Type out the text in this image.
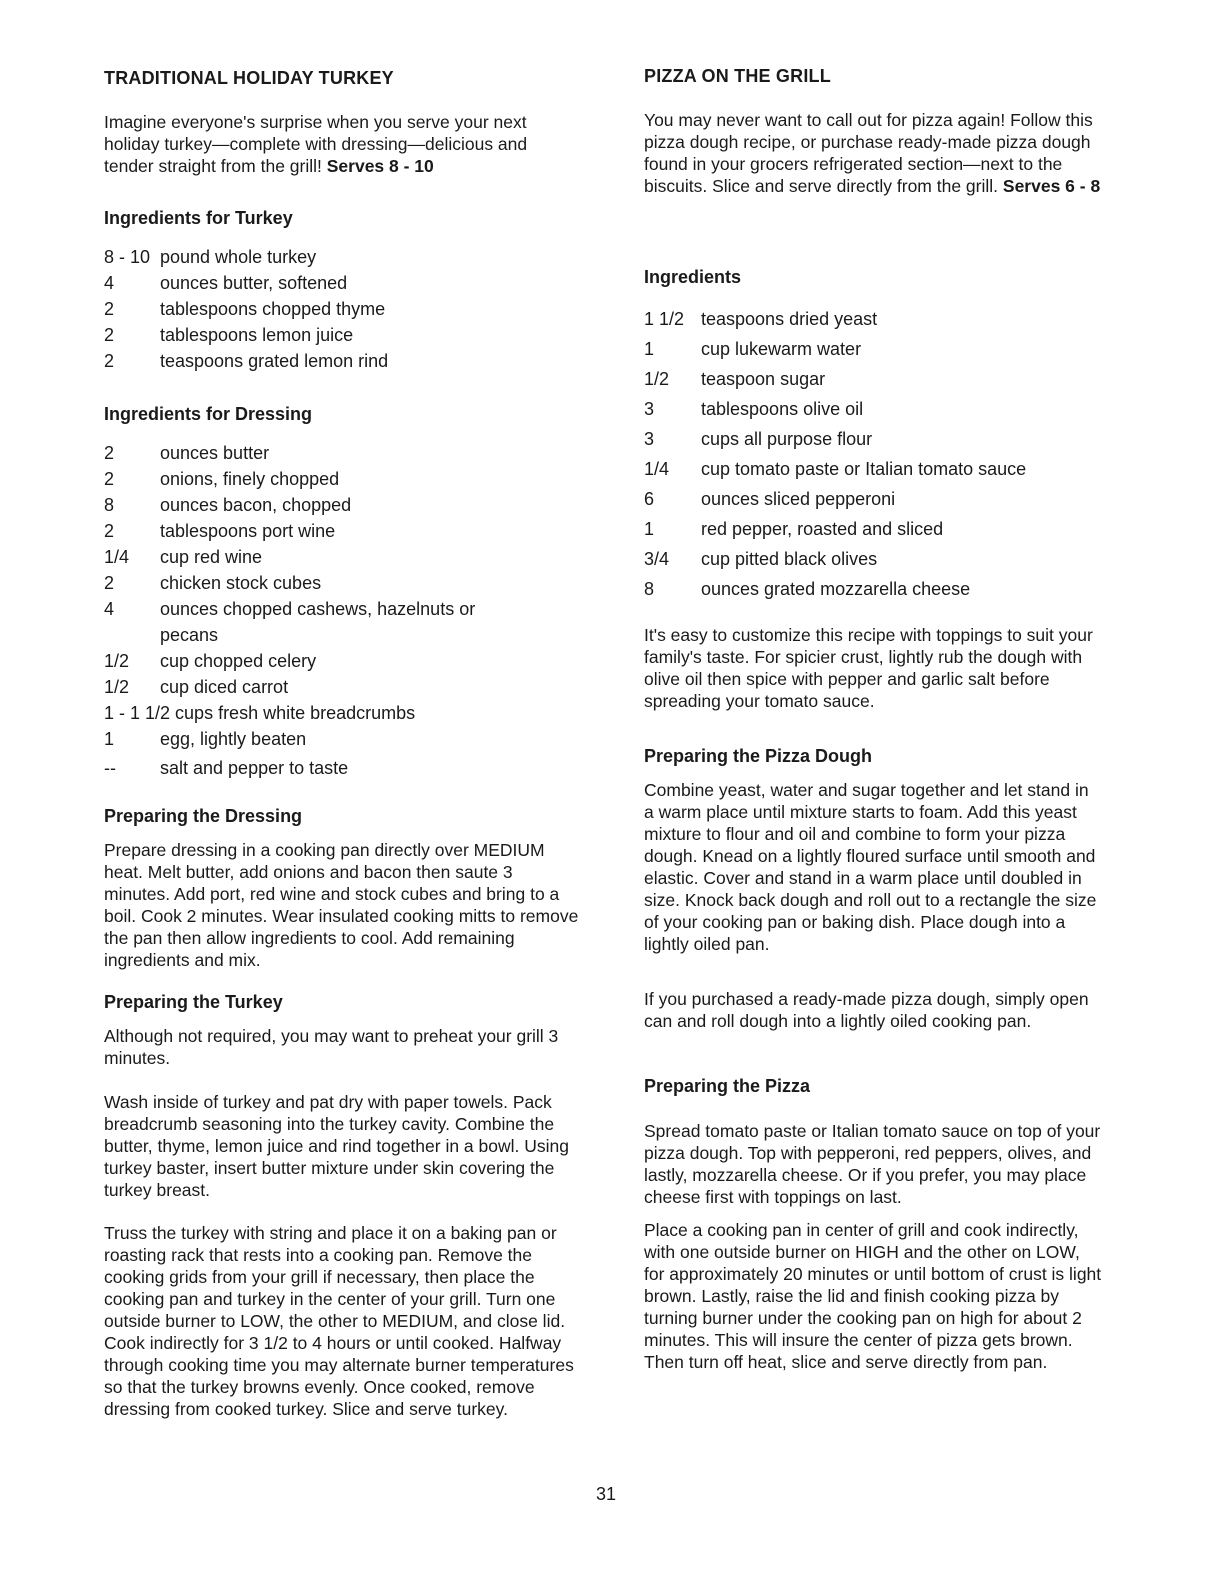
TRADITIONAL HOLIDAY TURKEY

Imagine everyone's surprise when you serve your next holiday turkey—complete with dressing—delicious and tender straight from the grill! Serves 8 - 10

Ingredients for Turkey
8 - 10 pound whole turkey
4	ounces butter, softened
2	tablespoons chopped thyme
2	tablespoons lemon juice
2	teaspoons grated lemon rind
Ingredients for Dressing
2	ounces butter
2	onions, finely chopped
8	ounces bacon, chopped
2	tablespoons port wine
1/4 cup red wine
2	chicken stock cubes
4	ounces chopped cashews, hazelnuts or
pecans
1/2 cup chopped celery
1/2 cup diced carrot
1 - 1 1/2 cups fresh white breadcrumbs
1	egg, lightly beaten
-- salt and pepper to taste
Preparing the Dressing

Prepare dressing in a cooking pan directly over MEDIUM heat. Melt butter, add onions and bacon then saute 3 minutes. Add port, red wine and stock cubes and bring to a boil. Cook 2 minutes. Wear insulated cooking mitts to remove the pan then allow ingredients to cool. Add remaining ingredients and mix.

Preparing the Turkey

Although not required, you may want to preheat your grill 3 minutes.

Wash inside of turkey and pat dry with paper towels. Pack breadcrumb seasoning into the turkey cavity. Combine the butter, thyme, lemon juice and rind together in a bowl. Using turkey baster, insert butter mixture under skin covering the turkey breast.

Truss the turkey with string and place it on a baking pan or roasting rack that rests into a cooking pan. Remove the cooking grids from your grill if necessary, then place the cooking pan and turkey in the center of your grill. Turn one outside burner to LOW, the other to MEDIUM, and close lid. Cook indirectly for 3 1/2 to 4 hours or until cooked. Halfway through cooking time you may alternate burner temperatures so that the turkey browns evenly. Once cooked, remove dressing from cooked turkey. Slice and serve turkey.

PIZZA ON THE GRILL

You may never want to call out for pizza again! Follow this pizza dough recipe, or purchase ready-made pizza dough found in your grocers refrigerated section—next to the biscuits. Slice and serve directly from the grill. Serves 6 - 8

Ingredients
1 1/2 teaspoons dried yeast
1	cup lukewarm water
1/2 teaspoon sugar
3	tablespoons olive oil
3	cups all purpose flour
1/4 cup tomato paste or Italian tomato sauce
6	ounces sliced pepperoni
1	red pepper, roasted and sliced
3/4 cup pitted black olives
8	ounces grated mozzarella cheese

It's easy to customize this recipe with toppings to suit your family's taste. For spicier crust, lightly rub the dough with olive oil then spice with pepper and garlic salt before spreading your tomato sauce.

Preparing the Pizza Dough

Combine yeast, water and sugar together and let stand in a warm place until mixture starts to foam. Add this yeast mixture to flour and oil and combine to form your pizza dough. Knead on a lightly floured surface until smooth and elastic. Cover and stand in a warm place until doubled in size. Knock back dough and roll out to a rectangle the size of your cooking pan or baking dish. Place dough into a lightly oiled pan.

If you purchased a ready-made pizza dough, simply open can and roll dough into a lightly oiled cooking pan.

Preparing the Pizza

Spread tomato paste or Italian tomato sauce on top of your pizza dough. Top with pepperoni, red peppers, olives, and lastly, mozzarella cheese. Or if you prefer, you may place cheese first with toppings on last.

Place a cooking pan in center of grill and cook indirectly, with one outside burner on HIGH and the other on LOW, for approximately 20 minutes or until bottom of crust is light brown. Lastly, raise the lid and finish cooking pizza by turning burner under the cooking pan on high for about 2 minutes. This will insure the center of pizza gets brown. Then turn off heat, slice and serve directly from pan.

31
